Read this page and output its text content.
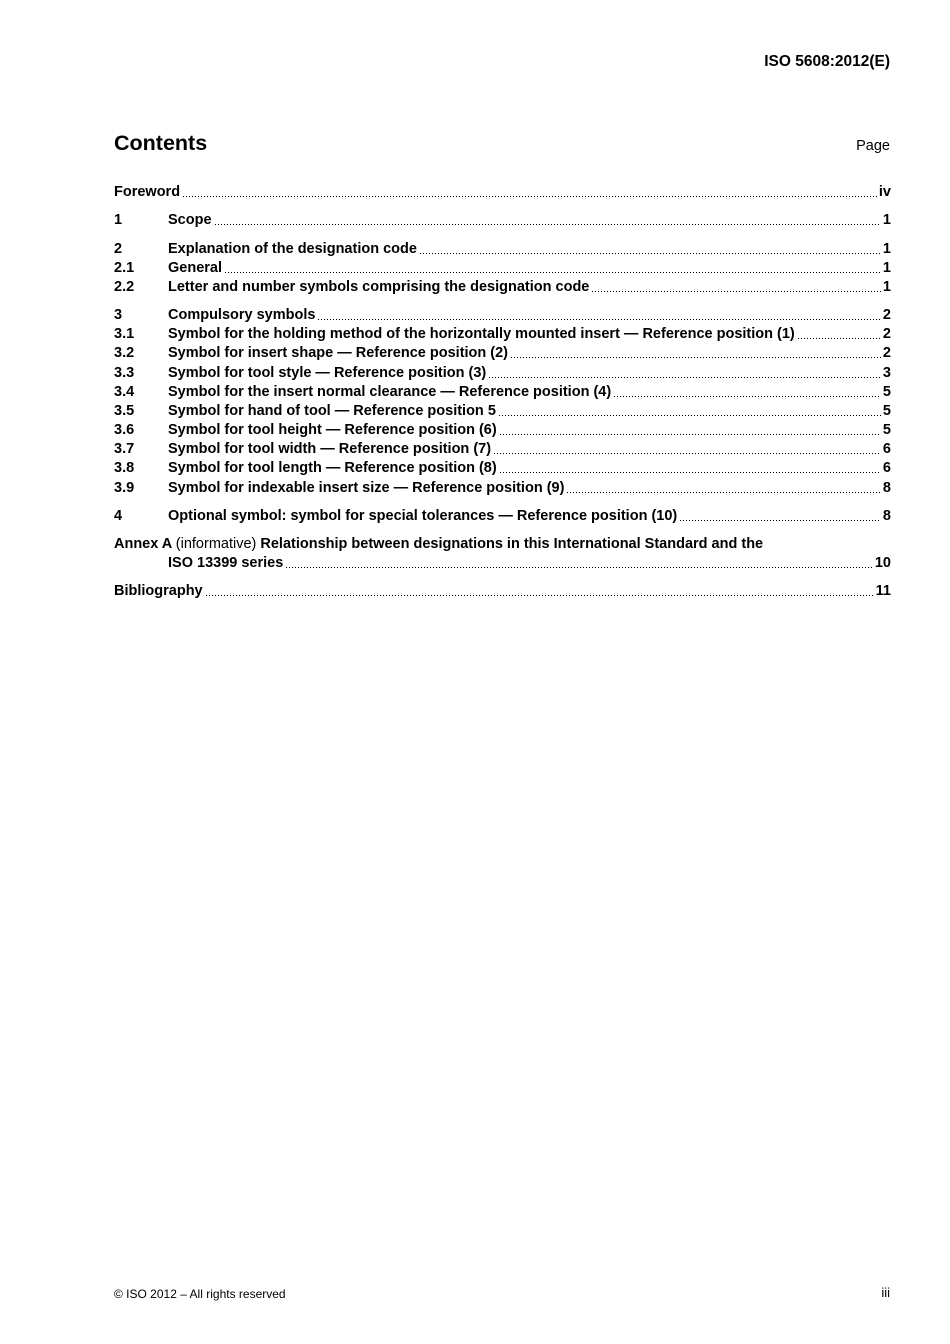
ISO 5608:2012(E)
Contents	Page
Foreword	iv
1	Scope	1
2	Explanation of the designation code	1
2.1	General	1
2.2	Letter and number symbols comprising the designation code	1
3	Compulsory symbols	2
3.1	Symbol for the holding method of the horizontally mounted insert — Reference position (1)	2
3.2	Symbol for insert shape — Reference position (2)	2
3.3	Symbol for tool style — Reference position (3)	3
3.4	Symbol for the insert normal clearance — Reference position (4)	5
3.5	Symbol for hand of tool — Reference position 5	5
3.6	Symbol for tool height — Reference position (6)	5
3.7	Symbol for tool width — Reference position (7)	6
3.8	Symbol for tool length — Reference position (8)	6
3.9	Symbol for indexable insert size — Reference position (9)	8
4	Optional symbol: symbol for special tolerances — Reference position (10)	8
Annex A (informative) Relationship between designations in this International Standard and the
ISO 13399 series	10
Bibliography	11
© ISO 2012 – All rights reserved	iii
